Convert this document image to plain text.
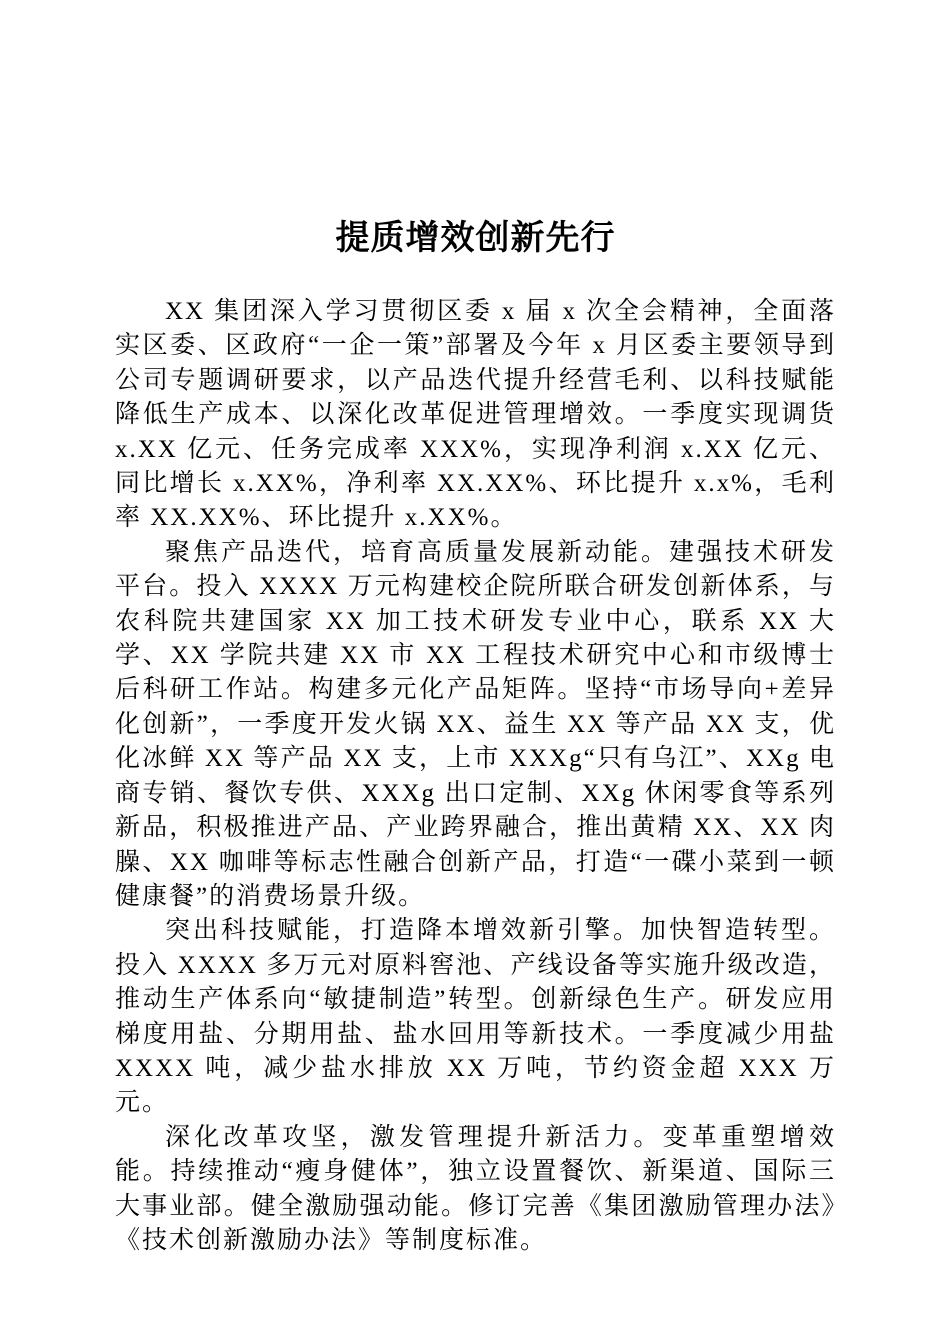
提质增效创新先行

XX 集团深入学习贯彻区委 x 届 x 次全会精神，全面落实区委、区政府“一企一策”部署及今年 x 月区委主要领导到公司专题调研要求，以产品迭代提升经营毛利、以科技赋能降低生产成本、以深化改革促进管理增效。一季度实现调货 x.XX 亿元、任务完成率 XXX%，实现净利润 x.XX 亿元、同比增长 x.XX%，净利率 XX.XX%、环比提升 x.x%，毛利率 XX.XX%、环比提升 x.XX%。

聚焦产品迭代，培育高质量发展新动能。建强技术研发平台。投入 XXXX 万元构建校企院所联合研发创新体系，与农科院共建国家 XX 加工技术研发专业中心，联系 XX 大学、XX 学院共建 XX 市 XX 工程技术研究中心和市级博士后科研工作站。构建多元化产品矩阵。坚持“市场导向+差异化创新”，一季度开发火锅 XX、益生 XX 等产品 XX 支，优化冰鲜 XX 等产品 XX 支，上市 XXXg“只有乌江”、XXg 电商专销、餐饮专供、XXXg 出口定制、XXg 休闲零食等系列新品，积极推进产品、产业跨界融合，推出黄精 XX、XX 肉臊、XX 咖啡等标志性融合创新产品，打造“一碟小菜到一顿健康餐”的消费场景升级。

突出科技赋能，打造降本增效新引擎。加快智造转型。投入 XXXX 多万元对原料窖池、产线设备等实施升级改造，推动生产体系向“敏捷制造”转型。创新绿色生产。研发应用梯度用盐、分期用盐、盐水回用等新技术。一季度减少用盐 XXXX 吨，减少盐水排放 XX 万吨，节约资金超 XXX 万元。

深化改革攻坚，激发管理提升新活力。变革重塑增效能。持续推动“瘦身健体”，独立设置餐饮、新渠道、国际三大事业部。健全激励强动能。修订完善《集团激励管理办法》《技术创新激励办法》等制度标准。
